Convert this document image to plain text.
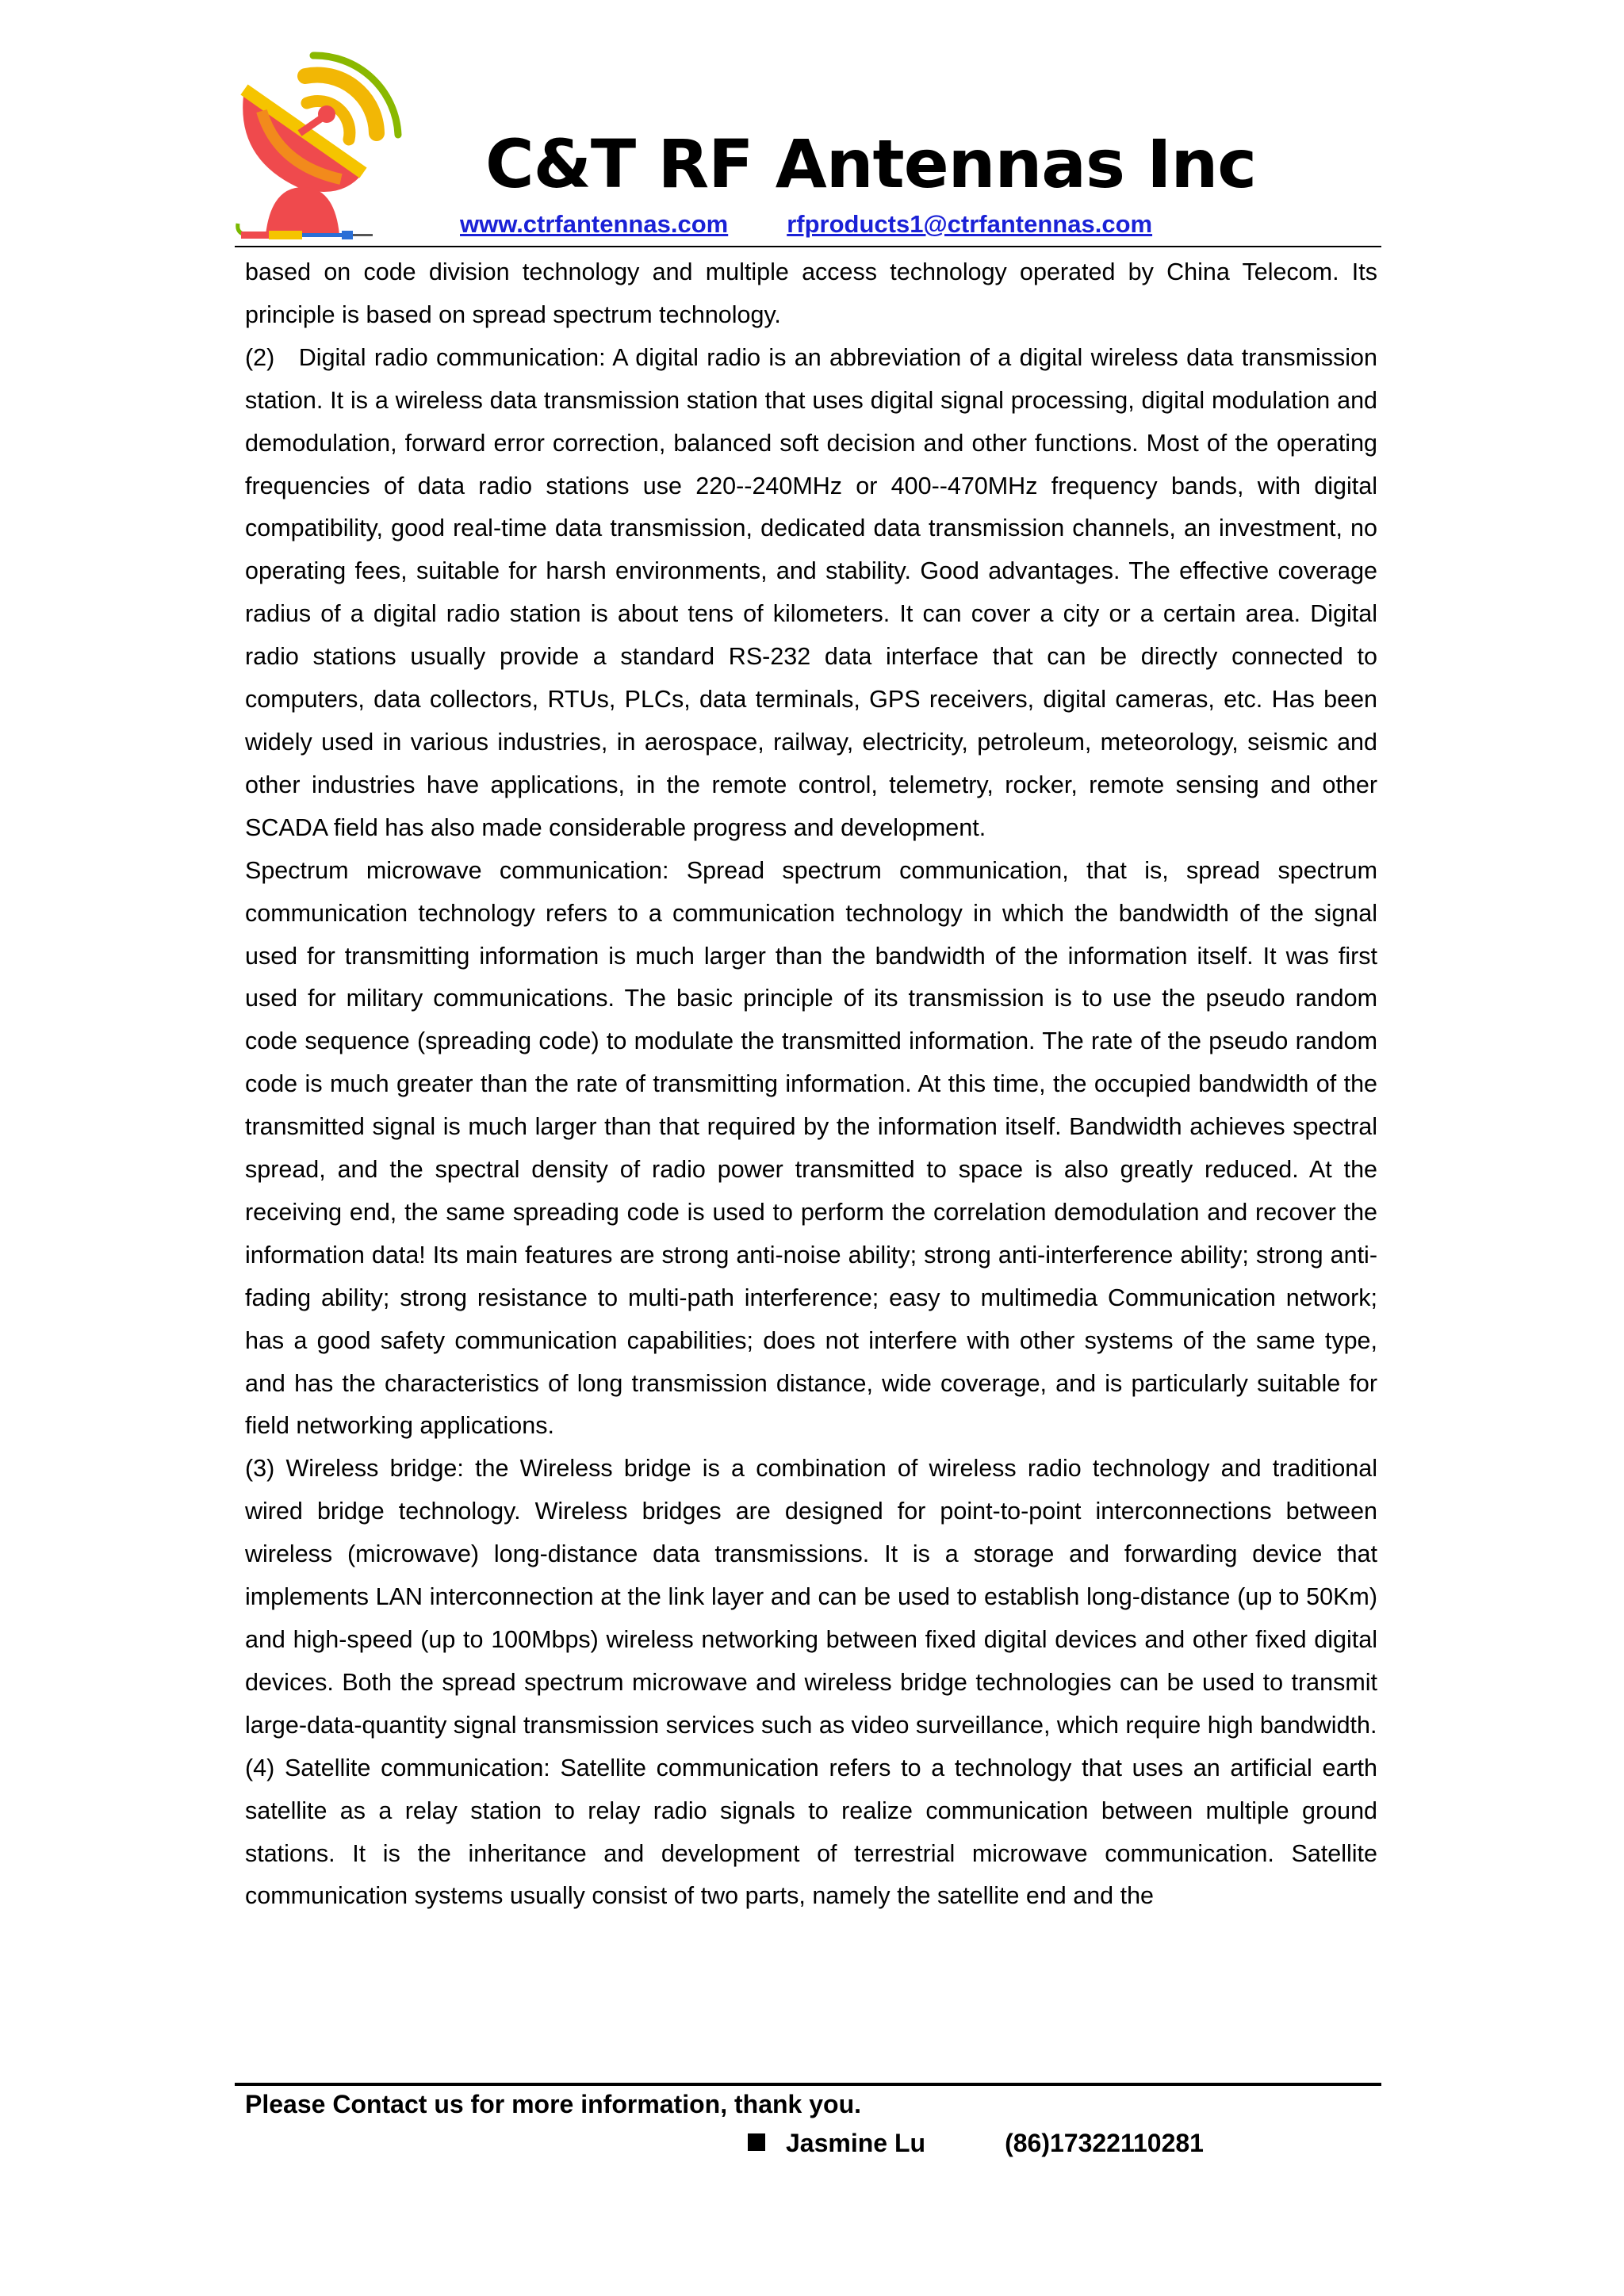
C&T RF Antennas Inc
www.ctrfantennas.com rfproducts1@ctrfantennas.com

based on code division technology and multiple access technology operated by China Telecom. Its principle is based on spread spectrum technology.

(2) Digital radio communication: A digital radio is an abbreviation of a digital wireless data transmission station. It is a wireless data transmission station that uses digital signal processing, digital modulation and demodulation, forward error correction, balanced soft decision and other functions. Most of the operating frequencies of data radio stations use 220--240MHz or 400--470MHz frequency bands, with digital compatibility, good real-time data transmission, dedicated data transmission channels, an investment, no operating fees, suitable for harsh environments, and stability. Good advantages. The effective coverage radius of a digital radio station is about tens of kilometers. It can cover a city or a certain area. Digital radio stations usually provide a standard RS-232 data interface that can be directly connected to computers, data collectors, RTUs, PLCs, data terminals, GPS receivers, digital cameras, etc. Has been widely used in various industries, in aerospace, railway, electricity, petroleum, meteorology, seismic and other industries have applications, in the remote control, telemetry, rocker, remote sensing and other SCADA field has also made considerable progress and development.

Spectrum microwave communication: Spread spectrum communication, that is, spread spectrum communication technology refers to a communication technology in which the bandwidth of the signal used for transmitting information is much larger than the bandwidth of the information itself. It was first used for military communications. The basic principle of its transmission is to use the pseudo random code sequence (spreading code) to modulate the transmitted information. The rate of the pseudo random code is much greater than the rate of transmitting information. At this time, the occupied bandwidth of the transmitted signal is much larger than that required by the information itself. Bandwidth achieves spectral spread, and the spectral density of radio power transmitted to space is also greatly reduced. At the receiving end, the same spreading code is used to perform the correlation demodulation and recover the information data! Its main features are strong anti-noise ability; strong anti-interference ability; strong anti-fading ability; strong resistance to multi-path interference; easy to multimedia Communication network; has a good safety communication capabilities; does not interfere with other systems of the same type, and has the characteristics of long transmission distance, wide coverage, and is particularly suitable for field networking applications.

(3) Wireless bridge: the Wireless bridge is a combination of wireless radio technology and traditional wired bridge technology. Wireless bridges are designed for point-to-point interconnections between wireless (microwave) long-distance data transmissions. It is a storage and forwarding device that implements LAN interconnection at the link layer and can be used to establish long-distance (up to 50Km) and high-speed (up to 100Mbps) wireless networking between fixed digital devices and other fixed digital devices. Both the spread spectrum microwave and wireless bridge technologies can be used to transmit large-data-quantity signal transmission services such as video surveillance, which require high bandwidth.

(4) Satellite communication: Satellite communication refers to a technology that uses an artificial earth satellite as a relay station to relay radio signals to realize communication between multiple ground stations. It is the inheritance and development of terrestrial microwave communication. Satellite communication systems usually consist of two parts, namely the satellite end and the

Please Contact us for more information, thank you.
Jasmine Lu	(86)17322110281
